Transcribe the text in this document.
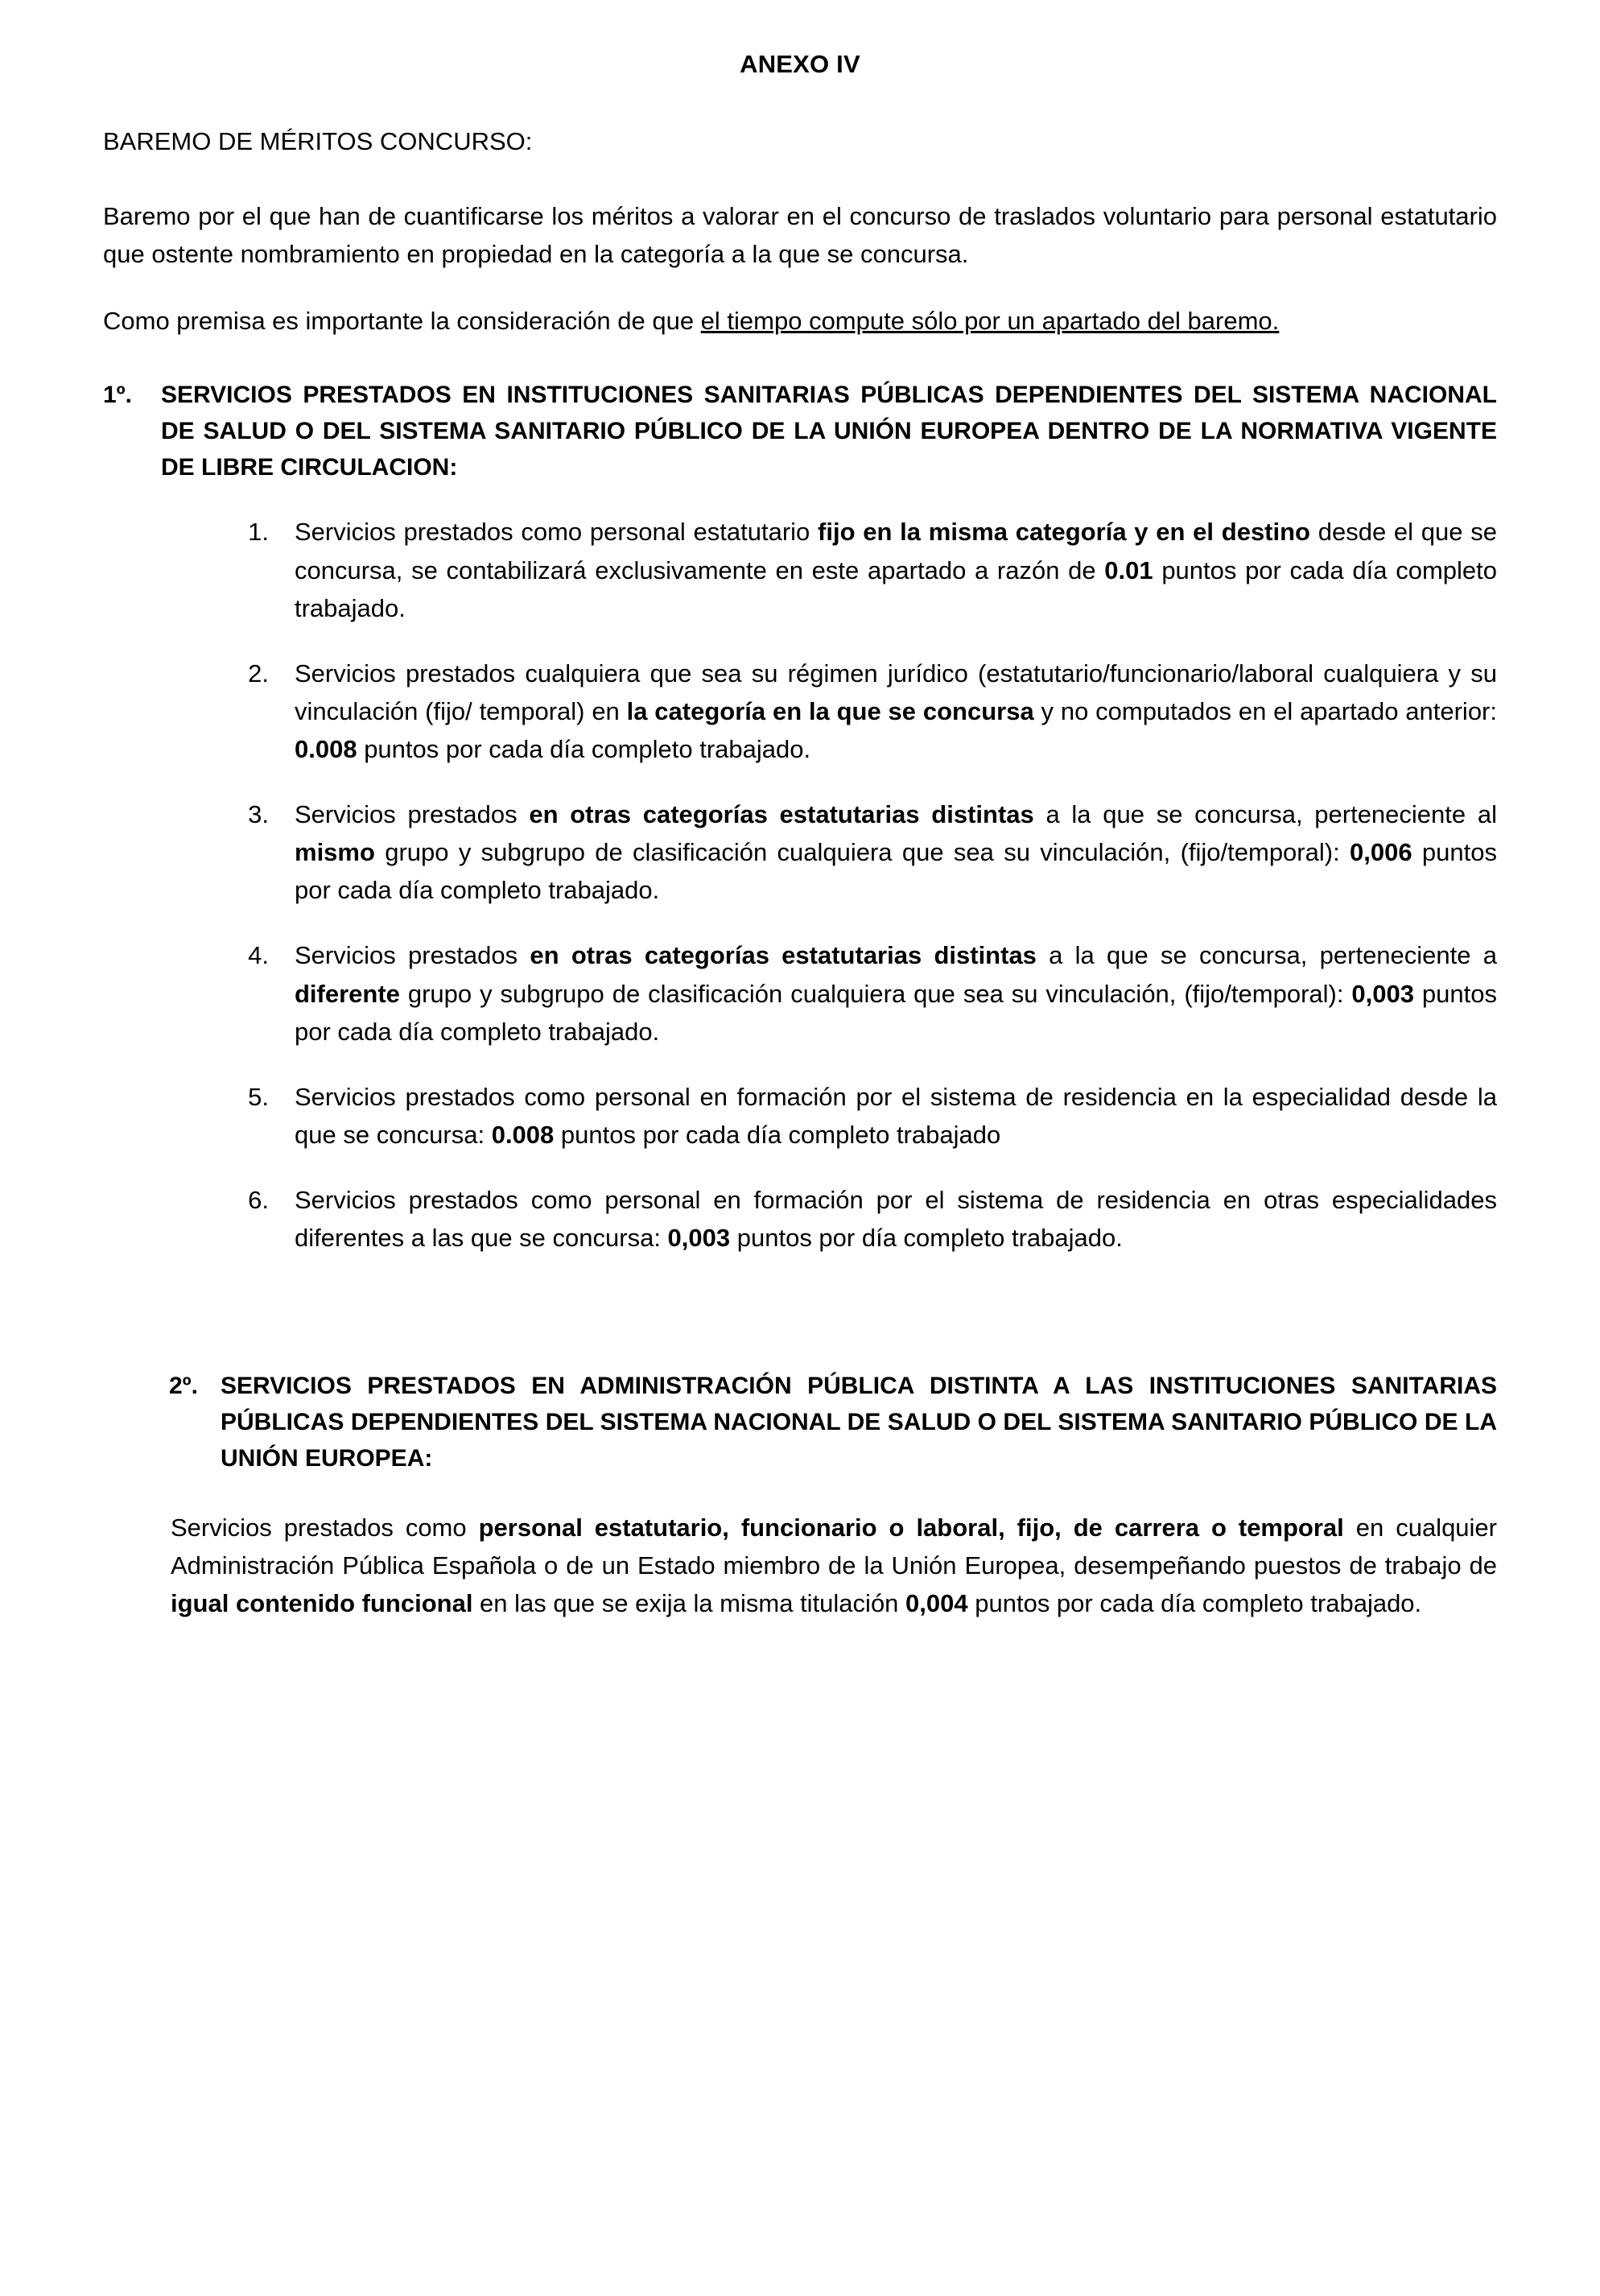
ANEXO IV

BAREMO DE MÉRITOS CONCURSO:

Baremo por el que han de cuantificarse los méritos a valorar en el concurso de traslados voluntario para personal estatutario que ostente nombramiento en propiedad en la categoría a la que se concursa.

Como premisa es importante la consideración de que el tiempo compute sólo por un apartado del baremo.

1º.	SERVICIOS PRESTADOS EN INSTITUCIONES SANITARIAS PÚBLICAS DEPENDIENTES DEL SISTEMA NACIONAL DE SALUD O DEL SISTEMA SANITARIO PÚBLICO DE LA UNIÓN EUROPEA DENTRO DE LA NORMATIVA VIGENTE DE LIBRE CIRCULACION:
1.	Servicios prestados como personal estatutario fijo en la misma categoría y en el destino desde el que se concursa, se contabilizará exclusivamente en este apartado a razón de 0.01 puntos por cada día completo trabajado.
2.	Servicios prestados cualquiera que sea su régimen jurídico (estatutario/funcionario/laboral cualquiera y su vinculación (fijo/ temporal) en la categoría en la que se concursa y no computados en el apartado anterior: 0.008 puntos por cada día completo trabajado.
3.	Servicios prestados en otras categorías estatutarias distintas a la que se concursa, perteneciente al mismo grupo y subgrupo de clasificación cualquiera que sea su vinculación, (fijo/temporal): 0,006 puntos por cada día completo trabajado.
4.	Servicios prestados en otras categorías estatutarias distintas a la que se concursa, perteneciente a diferente grupo y subgrupo de clasificación cualquiera que sea su vinculación, (fijo/temporal): 0,003 puntos por cada día completo trabajado.
5.	Servicios prestados como personal en formación por el sistema de residencia en la especialidad desde la que se concursa: 0.008 puntos por cada día completo trabajado
6.	Servicios prestados como personal en formación por el sistema de residencia en otras especialidades diferentes a las que se concursa: 0,003 puntos por día completo trabajado.
2º. SERVICIOS PRESTADOS EN ADMINISTRACIÓN PÚBLICA DISTINTA A LAS INSTITUCIONES SANITARIAS PÚBLICAS DEPENDIENTES DEL SISTEMA NACIONAL DE SALUD O DEL SISTEMA SANITARIO PÚBLICO DE LA UNIÓN EUROPEA:

Servicios prestados como personal estatutario, funcionario o laboral, fijo, de carrera o temporal en cualquier Administración Pública Española o de un Estado miembro de la Unión Europea, desempeñando puestos de trabajo de igual contenido funcional en las que se exija la misma titulación 0,004 puntos por cada día completo trabajado.
